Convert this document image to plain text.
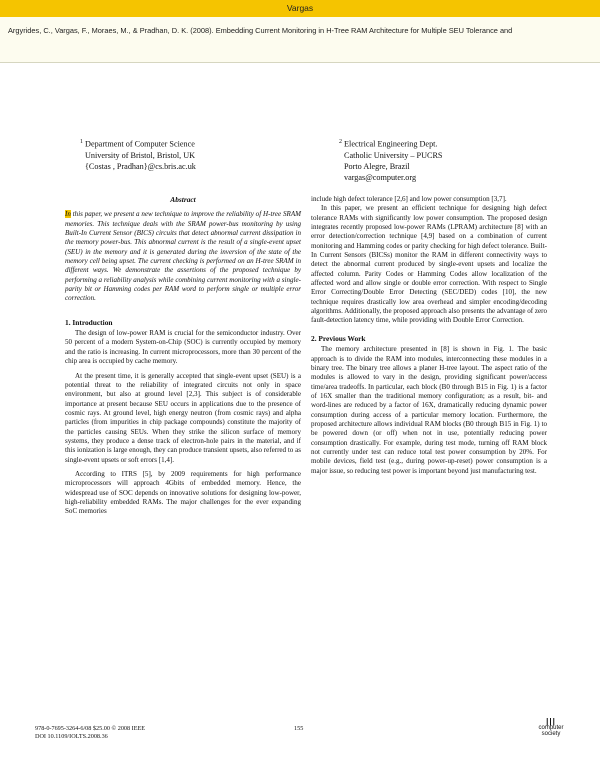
Vargas
Argyrides, C., Vargas, F., Moraes, M., & Pradhan, D. K. (2008). Embedding Current Monitoring in H-Tree RAM Architecture for Multiple SEU Tolerance and
$^1$ Department of Computer Science
University of Bristol, Bristol, UK
{Costas , Pradhan}@cs.bris.ac.uk
$^2$ Electrical Engineering Dept.
Catholic University – PUCRS
Porto Alegre, Brazil
vargas@computer.org
Abstract

In this paper, we present a new technique to improve the reliability of H-tree SRAM memories. This technique deals with the SRAM power-bus monitoring by using Built-In Current Sensor (BICS) circuits that detect abnormal current dissipation in the memory power-bus. This abnormal current is the result of a single-event upset (SEU) in the memory and it is generated during the inversion of the state of the memory cell being upset. The current checking is performed on an H-tree SRAM in different ways. We demonstrate the assertions of the proposed technique by performing a reliability analysis while combining current monitoring with a single-parity bit or Hamming codes per RAM word to perform single or multiple error correction.

1. Introduction

The design of low-power RAM is crucial for the semiconductor industry. Over 50 percent of a modern System-on-Chip (SOC) is currently occupied by memory and the ratio is increasing. In current microprocessors, more than 30 percent of the chip area is occupied by cache memory.

At the present time, it is generally accepted that single-event upset (SEU) is a potential threat to the reliability of integrated circuits not only in space environment, but also at ground level [2,3]. This subject is of considerable importance at present because SEU occurs in applications due to the presence of cosmic rays. At ground level, high energy neutron (from cosmic rays) and alpha particles (from impurities in chip package compounds) constitute the majority of the particles causing SEUs. When they strike the silicon surface of memory systems, they produce a dense track of electron-hole pairs in the material, and if this ionization is large enough, they can produce transient upsets, also referred to as single-event upsets or soft errors [1,4].

According to ITRS [5], by 2009 requirements for high performance microprocessors will approach 4Gbits of embedded memory. Hence, the widespread use of SOC depends on innovative solutions for designing low-power, high-reliability embedded RAMs. The major challenges for the ever expanding SoC memories

include high defect tolerance [2,6] and low power consumption [3,7].

In this paper, we present an efficient technique for designing high defect tolerance RAMs with significantly low power consumption. The proposed design integrates recently proposed low-power RAMs (LPRAM) architecture [8] with an error detection/correction technique [4,9] based on a combination of current monitoring and Hamming codes or parity checking for high defect tolerance. Built-In Current Sensors (BICSs) monitor the RAM in different connectivity ways to detect the abnormal current produced by single-event upsets and localize the affected column. Parity Codes or Hamming Codes allow localization of the affected word and allow single or double error correction. With respect to Single Error Correcting/Double Error Detecting (SEC/DED) codes [10], the new technique requires drastically low area overhead and simpler encoding/decoding algorithms. Additionally, the proposed approach also presents the advantage of zero fault-detection latency time, while providing with Double Error Correction.

2. Previous Work

The memory architecture presented in [8] is shown in Fig. 1. The basic approach is to divide the RAM into modules, interconnecting these modules in a binary tree. The binary tree allows a planer H-tree layout. The aspect ratio of the modules is allowed to vary in the design, providing significant power/access time/area tradeoffs. In particular, each block (B0 through B15 in Fig. 1) is a factor of 16X smaller than the traditional memory configuration; as a result, bit- and word-lines are reduced by a factor of 16X, dramatically reducing dynamic power consumption during access of a particular memory location. Furthermore, the proposed architecture allows individual RAM blocks (B0 through B15 in Fig. 1) to be powered down (or off) when not in use, potentially reducing power consumption drastically. For example, during test mode, turning off RAM block not currently under test can reduce total test power consumption by 20%. For mobile devices, field test (e.g., during power-up-reset) power consumption is a major issue, so reducing test power is important beyond just manufacturing test.

978-0-7695-3264-6/08 $25.00 © 2008 IEEE
DOI 10.1109/IOLTS.2008.36
155
|||
computer
society
